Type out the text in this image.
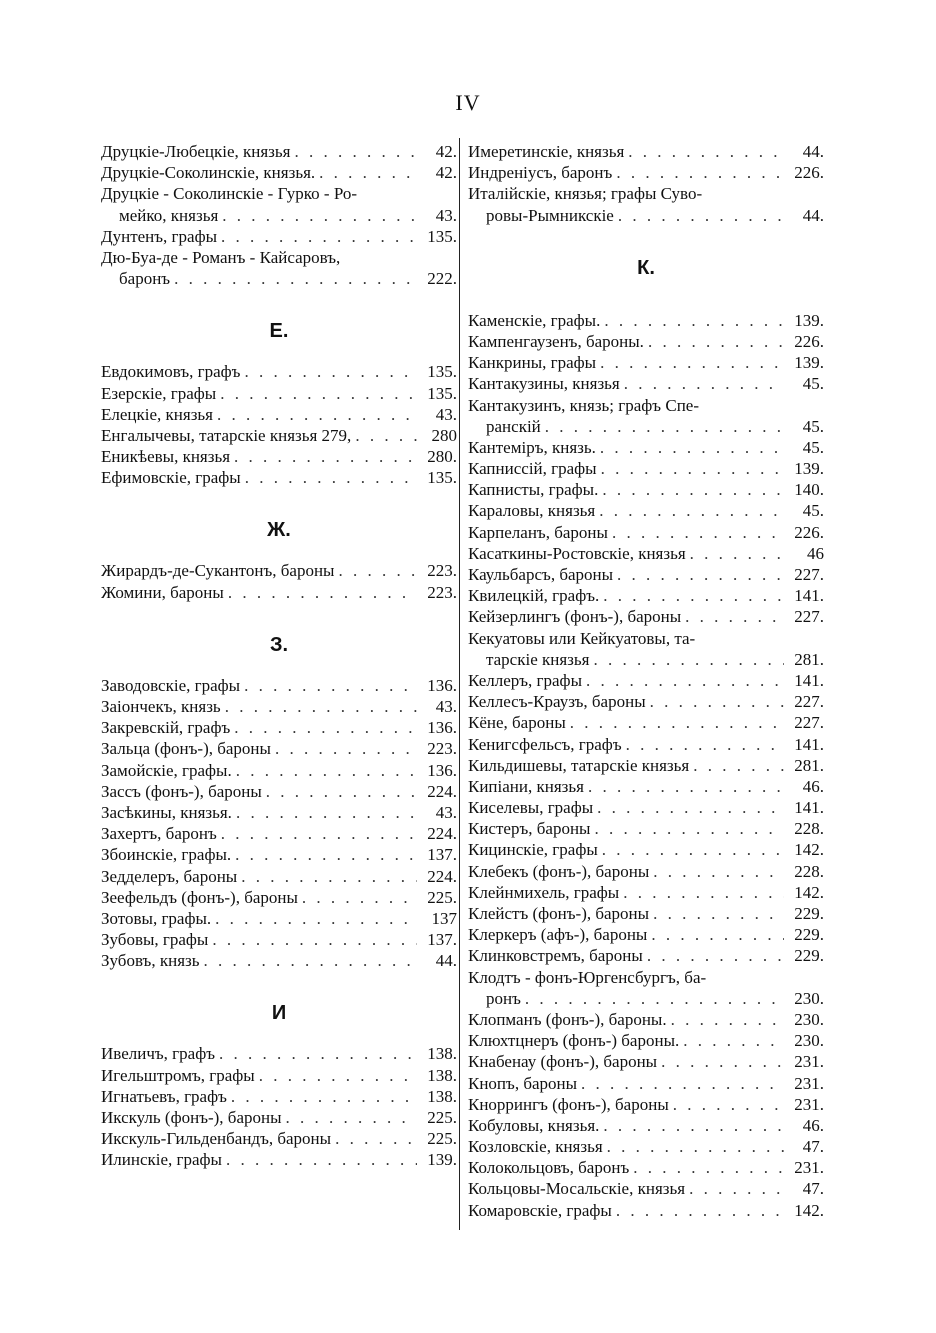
IV
Друцкіе-Любецкіе, князья . . .	42.
Друцкіе-Соколинскіе, князья. . . .	42.
Друцкіе - Соколинскіе - Гурко - Ро-
мейко, князья . . .	43.
Дунтенъ, графы . . .	135.
Дю-Буа-де - Романъ - Кайсаровъ,
баронъ . . .	222.
Е.
Евдокимовъ, графъ . . .	135.
Езерскіе, графы . . .	135.
Елецкіе, князья . . .	43.
Енгалычевы, татарскіе князья 279, . . .	280
Еникѣевы, князья . . .	280.
Ефимовскіе, графы . . .	135.
Ж.
Жирардъ-де-Сукантонъ, бароны . . .	223.
Жомини, бароны . . .	223.
З.
Заводовскіе, графы . . .	136.
Заіончекъ, князь . . .	43.
Закревскій, графъ . . .	136.
Зальца (фонъ-), бароны . . .	223.
Замойскіе, графы. . . .	136.
Зассъ (фонъ-), бароны . . .	224.
Засѣкины, князья. . . .	43.
Захертъ, баронъ . . .	224.
Збоинскіе, графы. . . .	137.
Зедделеръ, бароны . . .	224.
Зеефельдъ (фонъ-), бароны . . .	225.
Зотовы, графы. . . .	137
Зубовы, графы . . .	137.
Зубовъ, князь . . .	44.
И
Ивеличъ, графъ . . .	138.
Игельштромъ, графы . . .	138.
Игнатьевъ, графъ . . .	138.
Икскуль (фонъ-), бароны . . .	225.
Икскуль-Гильденбандъ, бароны . . .	225.
Илинскіе, графы . . .	139.
Имеретинскіе, князья . . .	44.
Индреніусъ, баронъ . . .	226.
Италійскіе, князья; графы Суво-
ровы-Рымникскіе . . .	44.
К.
Каменскіе, графы. . . .	139.
Кампенгаузенъ, бароны. . . .	226.
Канкрины, графы . . .	139.
Кантакузины, князья . . .	45.
Кантакузинъ, князь; графъ Спе-
ранскій . . .	45.
Кантеміръ, князь. . . .	45.
Капниссій, графы . . .	139.
Капнисты, графы. . . .	140.
Караловы, князья . . .	45.
Карпеланъ, бароны . . .	226.
Касаткины-Ростовскіе, князья . . .	46
Каульбарсъ, бароны . . .	227.
Квилецкій, графъ. . . .	141.
Кейзерлингъ (фонъ-), бароны . . .	227.
Кекуатовы или Кейкуатовы, та-
тарскіе князья . . .	281.
Келлеръ, графы . . .	141.
Келлесъ-Краузъ, бароны . . .	227.
Кёне, бароны . . .	227.
Кенигсфельсъ, графъ . . .	141.
Кильдишевы, татарскіе князья . . .	281.
Кипіани, князья . . .	46.
Киселевы, графы . . .	141.
Кистеръ, бароны . . .	228.
Кицинскіе, графы . . .	142.
Клебекъ (фонъ-), бароны . . .	228.
Клейнмихель, графы . . .	142.
Клейстъ (фонъ-), бароны . . .	229.
Клеркеръ (афъ-), бароны . . .	229.
Клинковстремъ, бароны . . .	229.
Клодтъ - фонъ-Юргенсбургъ, ба-
ронъ . . .	230.
Клопманъ (фонъ-), бароны. . . .	230.
Клюхтцнеръ (фонъ-) бароны. . . .	230.
Кнабенау (фонъ-), бароны . . .	231.
Кнопъ, бароны . . .	231.
Кноррингъ (фонъ-), бароны . . .	231.
Кобуловы, князья. . . .	46.
Козловскіе, князья . . .	47.
Колокольцовъ, баронъ . . .	231.
Кольцовы-Мосальскіе, князья . . .	47.
Комаровскіе, графы . . .	142.
